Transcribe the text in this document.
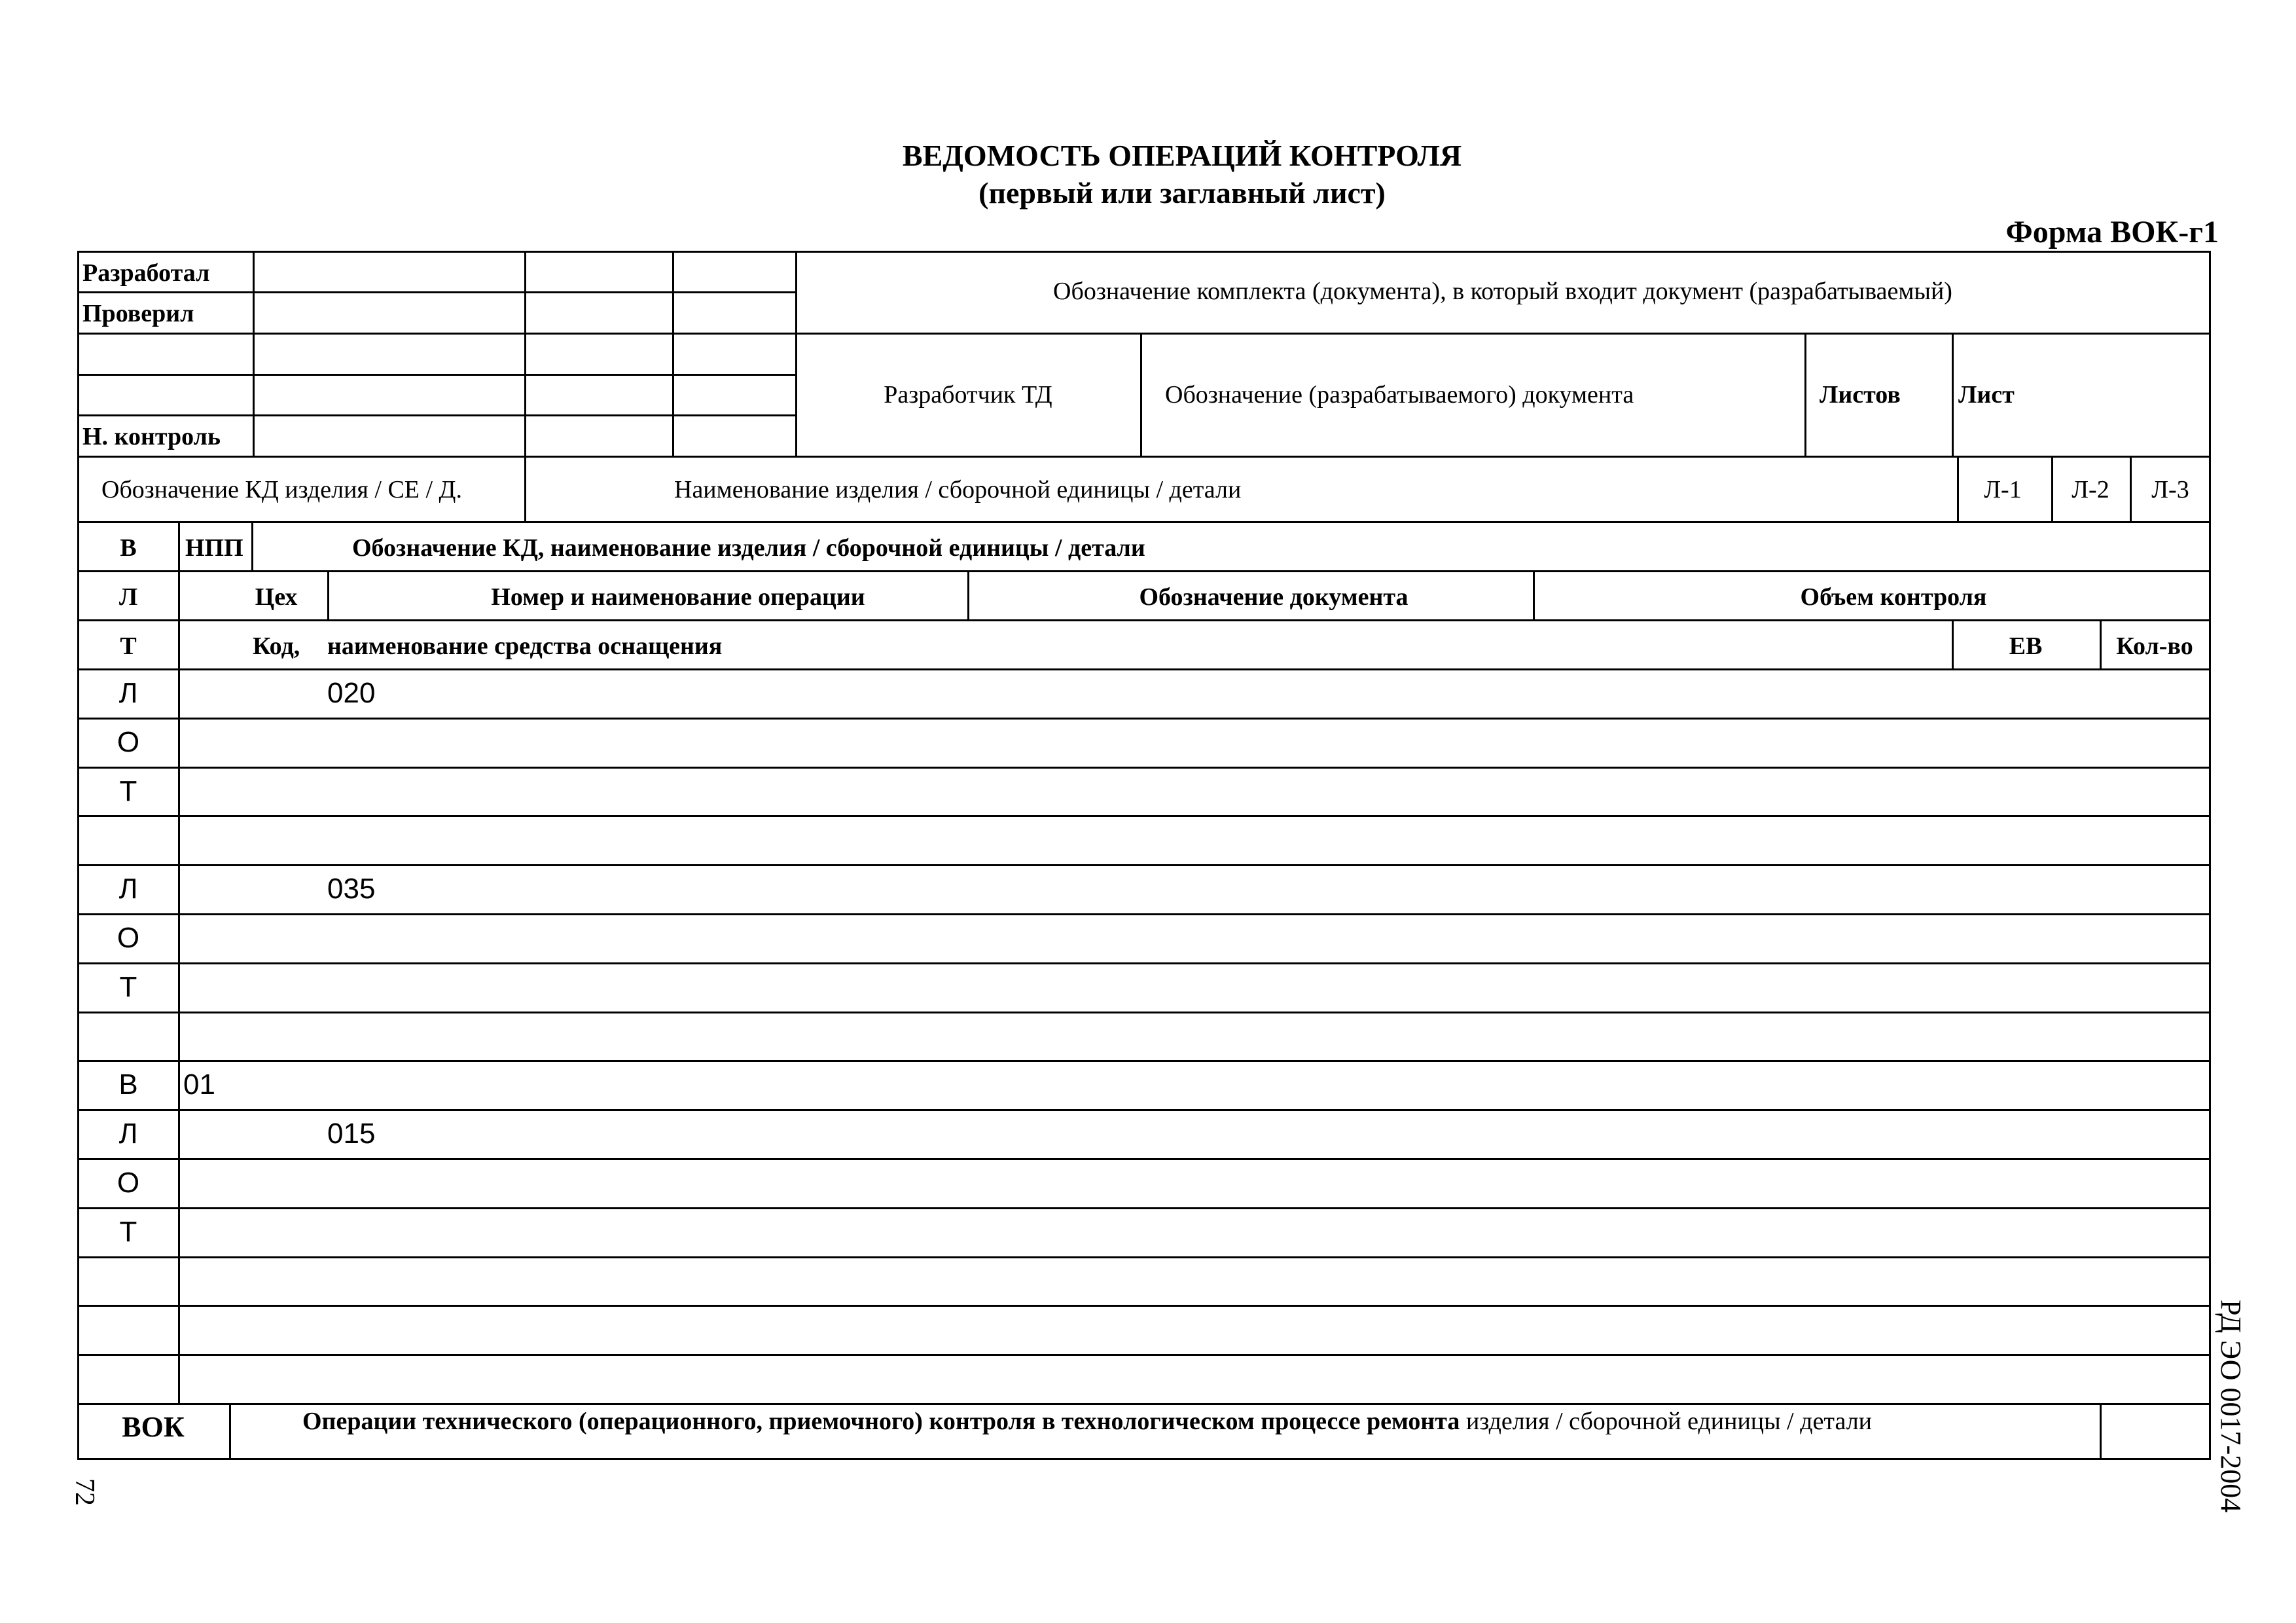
ВЕДОМОСТЬ ОПЕРАЦИЙ КОНТРОЛЯ
(первый или заглавный лист)
Форма ВОК-г1
Разработал
Проверил
Н. контроль
Обозначение комплекта (документа), в который входит документ (разрабатываемый)
Разработчик ТД	Обозначение (разрабатываемого) документа	Листов Лист
Обозначение КД изделия / СЕ / Д.	Наименование изделия / сборочной единицы / детали	Л-1 Л-2 Л-3
В НПП	Обозначение КД, наименование изделия / сборочной единицы / детали
Л	Цех	Номер и наименование операции	Обозначение документа	Объем контроля
Т	Код, наименование средства оснащения	ЕВ	Кол-во
Л	020
О
Т
Л	035
О
Т
В 01
Л	015
О
Т
ВОК	Операции технического (операционного, приемочного) контроля в технологическом процессе ремонта изделия / сборочной единицы / детали	РД ЭО 0017-2004
72
